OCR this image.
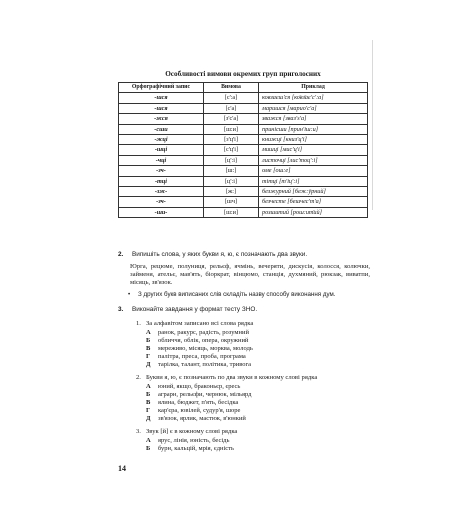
Особливості вимови окремих груп приголосних
Орфографічний запис	Вимова	Приклад
-шся	[с':а]	ковзаєш'ся [ко̄вз̄ає'с':а]
-шся	[с'а]	маришся [марио'с'а]
-жся	[з'с'а]	зважся [зваз's'а]
-сши	[ш:и]	принісши [прин'іш:и]
-жці	[з'ц'і]	книжці [книз'ц'і]
-шці	[с'ц'і]	мишці [мис'ц'і]
-чці	[ц':і]	листочці [лис'тоц':і]
-зч-	[ш:]	оме [ош:е]
-тці	[ц':і]	тітці [т'іц':і]
-зж-	[ж:]	безжурний [беж:ӯрний]
-зч-	[шч]	безчесте [бешчес'т'а]
-ши-	[ш:и]	розшитий [рош:ит̄ий]
2. Випишіть слова, у яких букви я, ю, є позначають два звуки.
Юрга, рецюме, полуниця, рельєф, ячмінь, вечеряти, дискусія, колосся, колючки, займеня, ательє, мав'ять, біоркрат, вінцюмо, станція, духмяний, рюкзак, виватпи, місяць, зв'язок.
• З других букв виписаних слів складіть назву способу виконання дум.
3. Виконайте завдання у формат тесту ЗНО.
1. За алфавітом записано всі слова рядка
А ранок, ракурс, радість, розумний
Б обличчя, облік, опера, окружний
В мереживо, місяць, морква, молодь
Г палітра, преса, проба, програма
Д тарілка, талант, політика, тривога
2. Букви я, ю, є позначають по два звуки в кожному слові рядка
А юний, якщо, браконьєр, єресь
Б аграрн, рельєфи, чернюк, мільярд
В ялина, бюджет, п'ять, бесідка
Г кар'єра, ювілей, судур'я, шоре
Д зв'язок, ярлик, мастюк, в'юнкий
3. Звук [й] є в кожному слові рядка
А ярус, лінія, юність, бесідь
Б бурн, кальцій, мрія, єдність
14
